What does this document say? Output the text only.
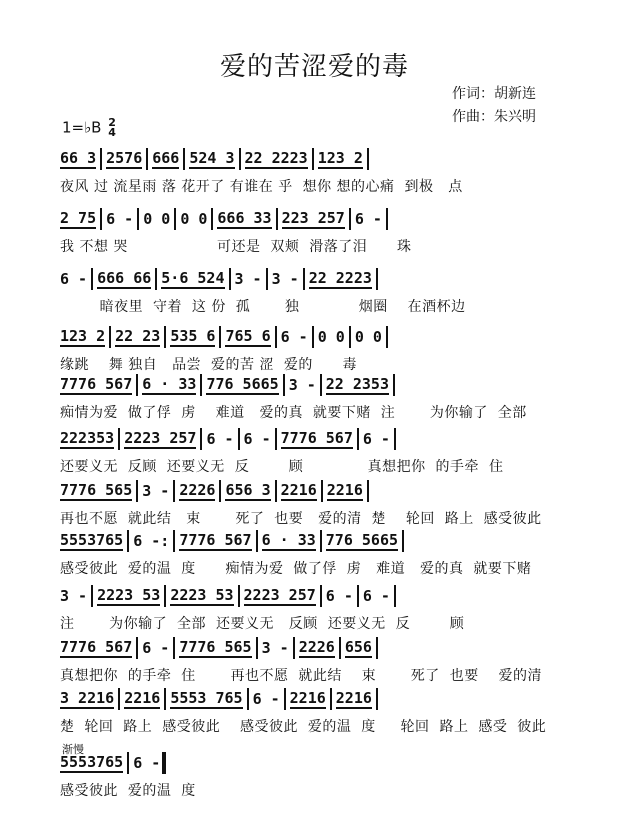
爱的苦涩爱的毒
作词：胡新连
作曲：朱兴明
1=♭B 2
4
66 3 2576 666 524 3 22 2223 123 2
夜风 过 流星雨 落 花开了 有谁在 乎  想你 想的心痛  到极   点
2 75 6 - 0 0 0 0 666 33 223 257 6 -
我 不想 哭                  可还是  双颊  滑落了泪      珠
6 - 666 66 5·6 524 3 - 3 - 22 2223
暗夜里  守着  这 份  孤       独            烟圈    在酒杯边
123 2 22 23 535 6 765 6 6 - 0 0 0 0
缘跳    舞 独自   品尝  爱的苦 涩  爱的      毒
7776 567 6 · 33 776 5665 3 - 22 2353
痴情为爱  做了俘  虏    难道   爱的真  就要下赌  注       为你输了  全部
222353 2223 257 6 - 6 - 7776 567 6 -
还要义无  反顾  还要义无  反        顾             真想把你  的手牵  住
7776 565 3 - 2226 656 3 2216 2216
再也不愿  就此结   束       死了  也要   爱的清  楚    轮回  路上  感受彼此
5553765 6 -: 7776 567 6 · 33 776 5665
感受彼此  爱的温  度      痴情为爱  做了俘  虏   难道   爱的真  就要下赌
3 - 2223 53 2223 53 2223 257 6 - 6 -
注       为你输了  全部  还要义无   反顾  还要义无  反        顾
7776 567 6 - 7776 565 3 - 2226 656
真想把你  的手牵  住       再也不愿  就此结    束       死了  也要    爱的清
3 2216 2216 5553 765 6 - 2216 2216
楚  轮回  路上  感受彼此    感受彼此  爱的温  度     轮回  路上  感受  彼此
5553765 6 -
感受彼此  爱的温  度
渐慢
